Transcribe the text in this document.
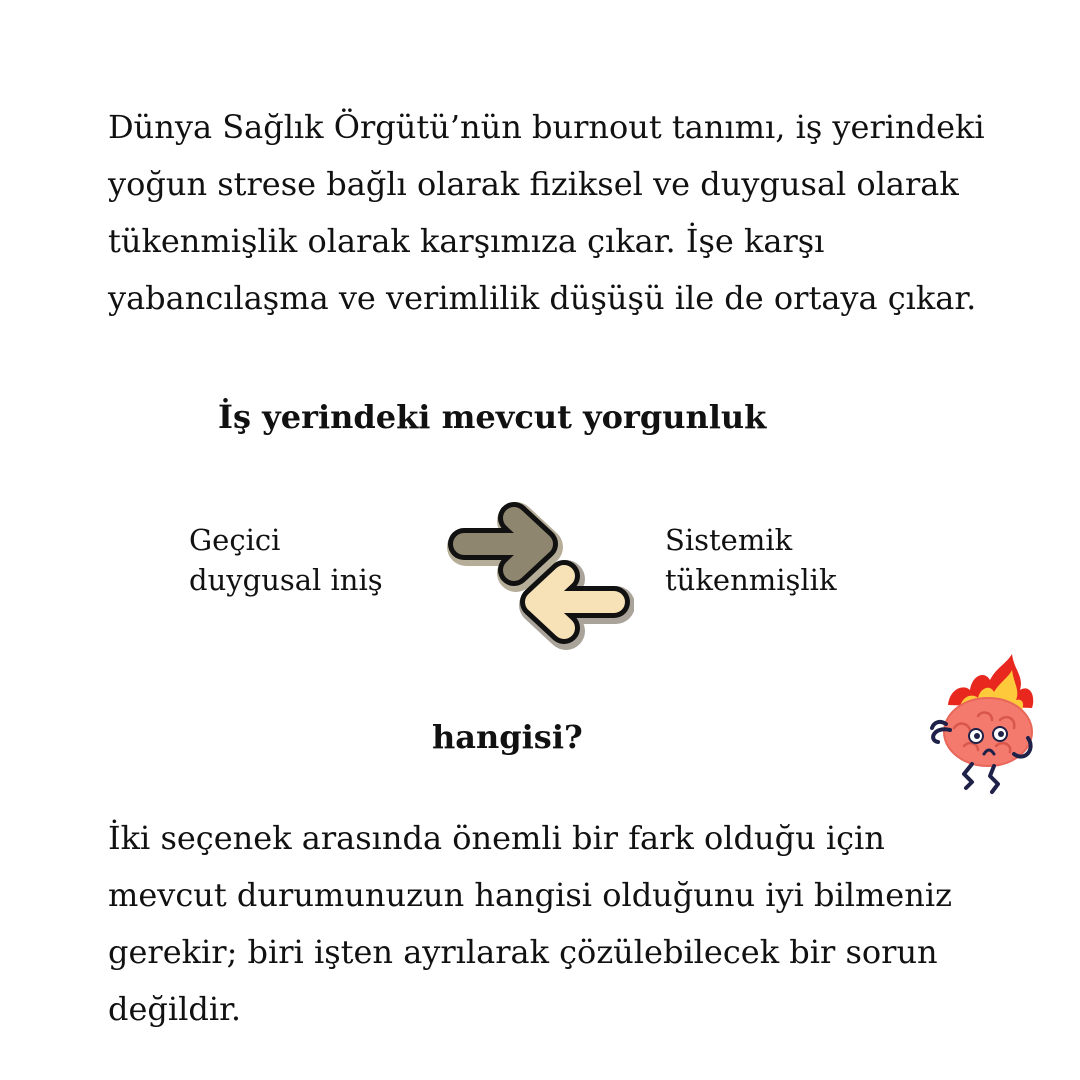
Dünya Sağlık Örgütü’nün burnout tanımı, iş yerindeki
yoğun strese bağlı olarak fiziksel ve duygusal olarak
tükenmişlik olarak karşımıza çıkar. İşe karşı
yabancılaşma ve verimlilik düşüşü ile de ortaya çıkar.
İş yerindeki mevcut yorgunluk
Geçici
duygusal iniş
Sistemik
tükenmişlik
hangisi?
İki seçenek arasında önemli bir fark olduğu için
mevcut durumunuzun hangisi olduğunu iyi bilmeniz
gerekir; biri işten ayrılarak çözülebilecek bir sorun
değildir.
